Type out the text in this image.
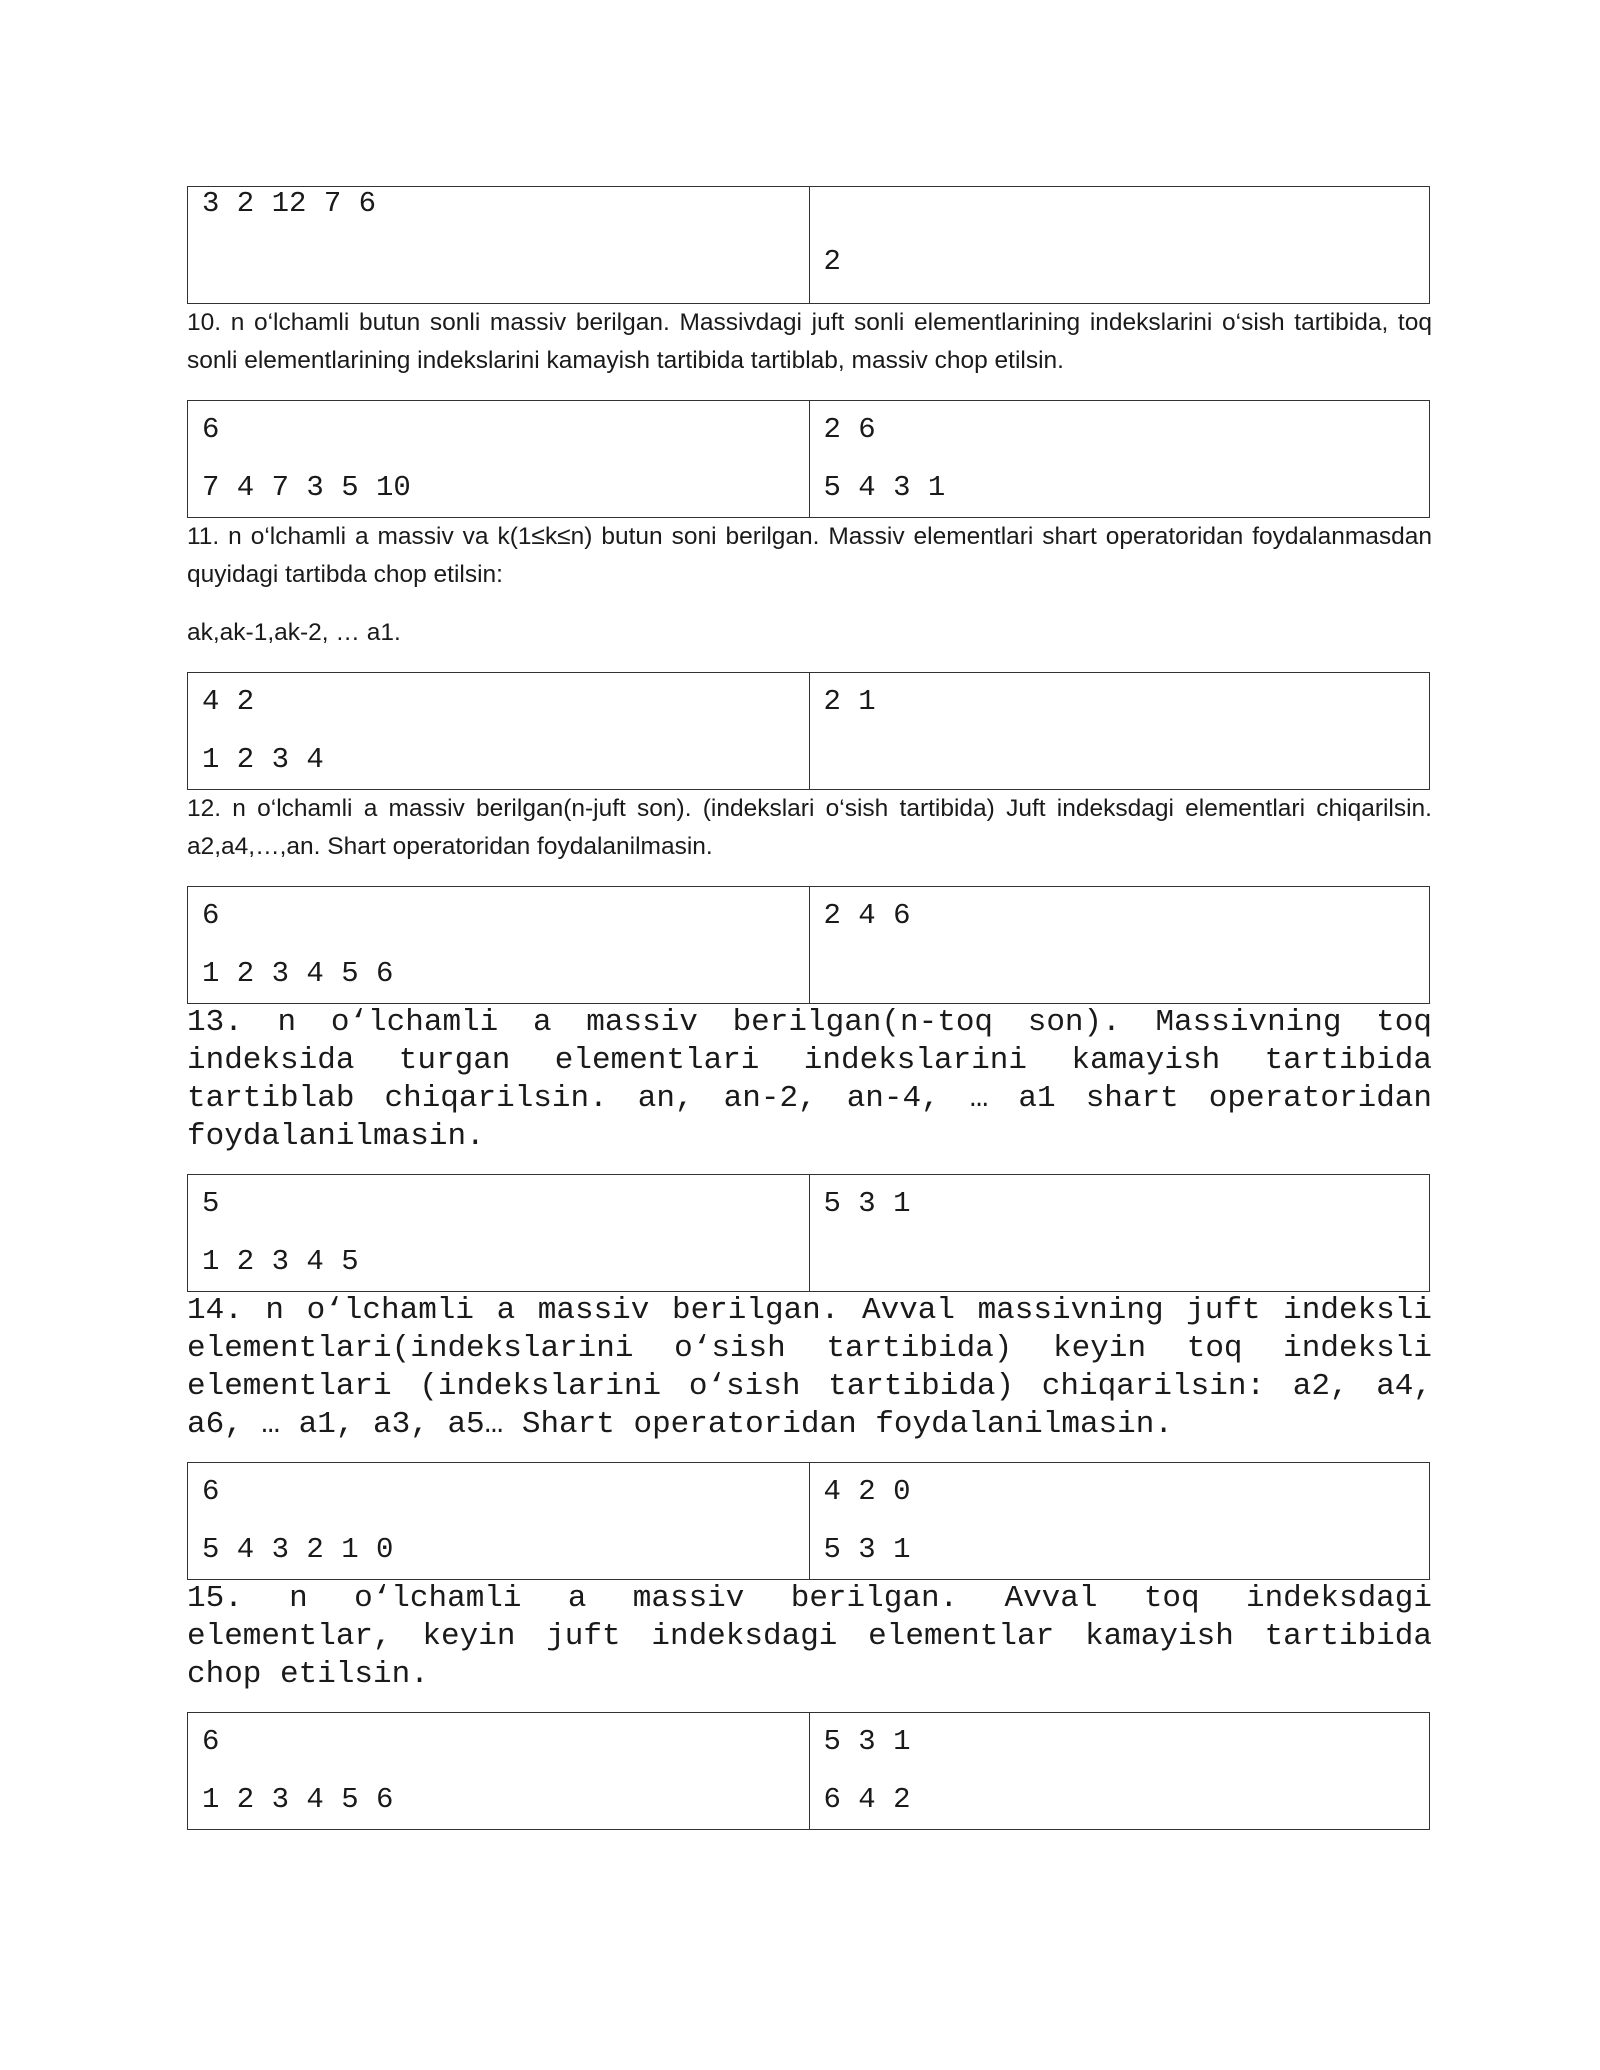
3 2 12 7 6
2

10. n o‘lchamli butun sonli massiv berilgan. Massivdagi juft sonli elementlarining indekslarini o‘sish tartibida, toq sonli elementlarining indekslarini kamayish tartibida tartiblab, massiv chop etilsin.

6
7 4 7 3 5 10
2 6
5 4 3 1

11. n o‘lchamli a massiv va k(1≤k≤n) butun soni berilgan. Massiv elementlari shart operatoridan foydalanmasdan quyidagi tartibda chop etilsin:

ak,ak-1,ak-2, … a1.

4 2
1 2 3 4
2 1

12. n o‘lchamli a massiv berilgan(n-juft son). (indekslari o‘sish tartibida) Juft indeksdagi elementlari chiqarilsin. a2,a4,…,an. Shart operatoridan foydalanilmasin.

6
1 2 3 4 5 6
2 4 6

13. n o‘lchamli a massiv berilgan(n-toq son). Massivning toq indeksida turgan elementlari indekslarini kamayish tartibida tartiblab chiqarilsin. an, an-2, an-4, … a1 shart operatoridan foydalanilmasin.

5
1 2 3 4 5
5 3 1

14. n o‘lchamli a massiv berilgan. Avval massivning juft indeksli elementlari(indekslarini o‘sish tartibida) keyin toq indeksli elementlari (indekslarini o‘sish tartibida) chiqarilsin: a2, a4, a6, … a1, a3, a5… Shart operatoridan foydalanilmasin.

6
5 4 3 2 1 0
4 2 0
5 3 1

15. n o‘lchamli a massiv berilgan. Avval toq indeksdagi elementlar, keyin juft indeksdagi elementlar kamayish tartibida chop etilsin.

6
1 2 3 4 5 6
5 3 1
6 4 2
